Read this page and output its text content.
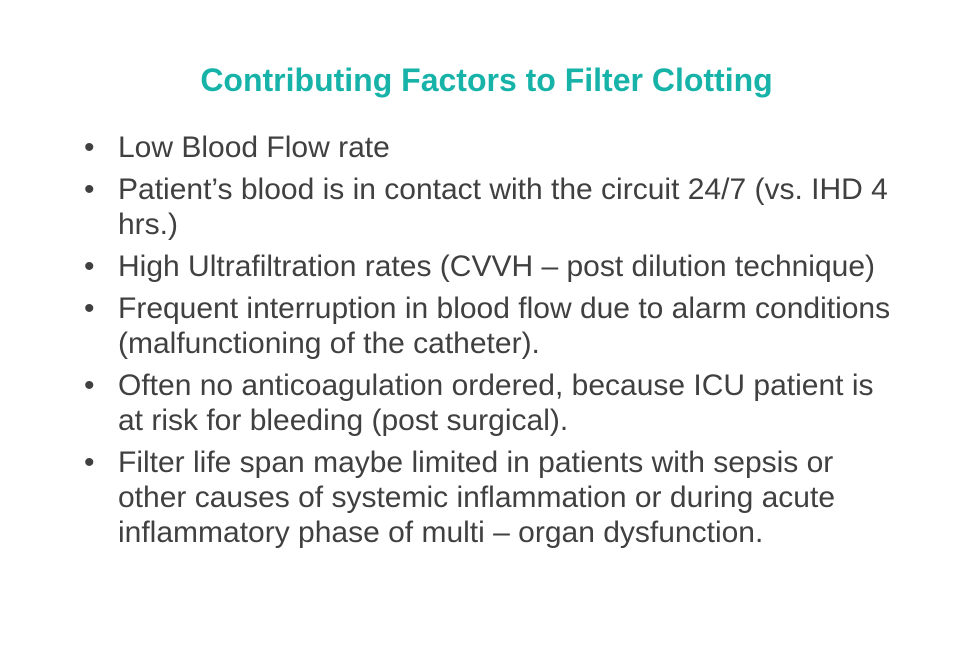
Contributing Factors to Filter Clotting
• Low Blood Flow rate
• Patient’s blood is in contact with the circuit 24/7 (vs. IHD 4 hrs.)
• High Ultrafiltration rates (CVVH – post dilution technique)
• Frequent interruption in blood flow due to alarm conditions (malfunctioning of the catheter).
• Often no anticoagulation ordered, because ICU patient is at risk for bleeding (post surgical).
• Filter life span maybe limited in patients with sepsis or other causes of systemic inflammation or during acute inflammatory phase of multi – organ dysfunction.
